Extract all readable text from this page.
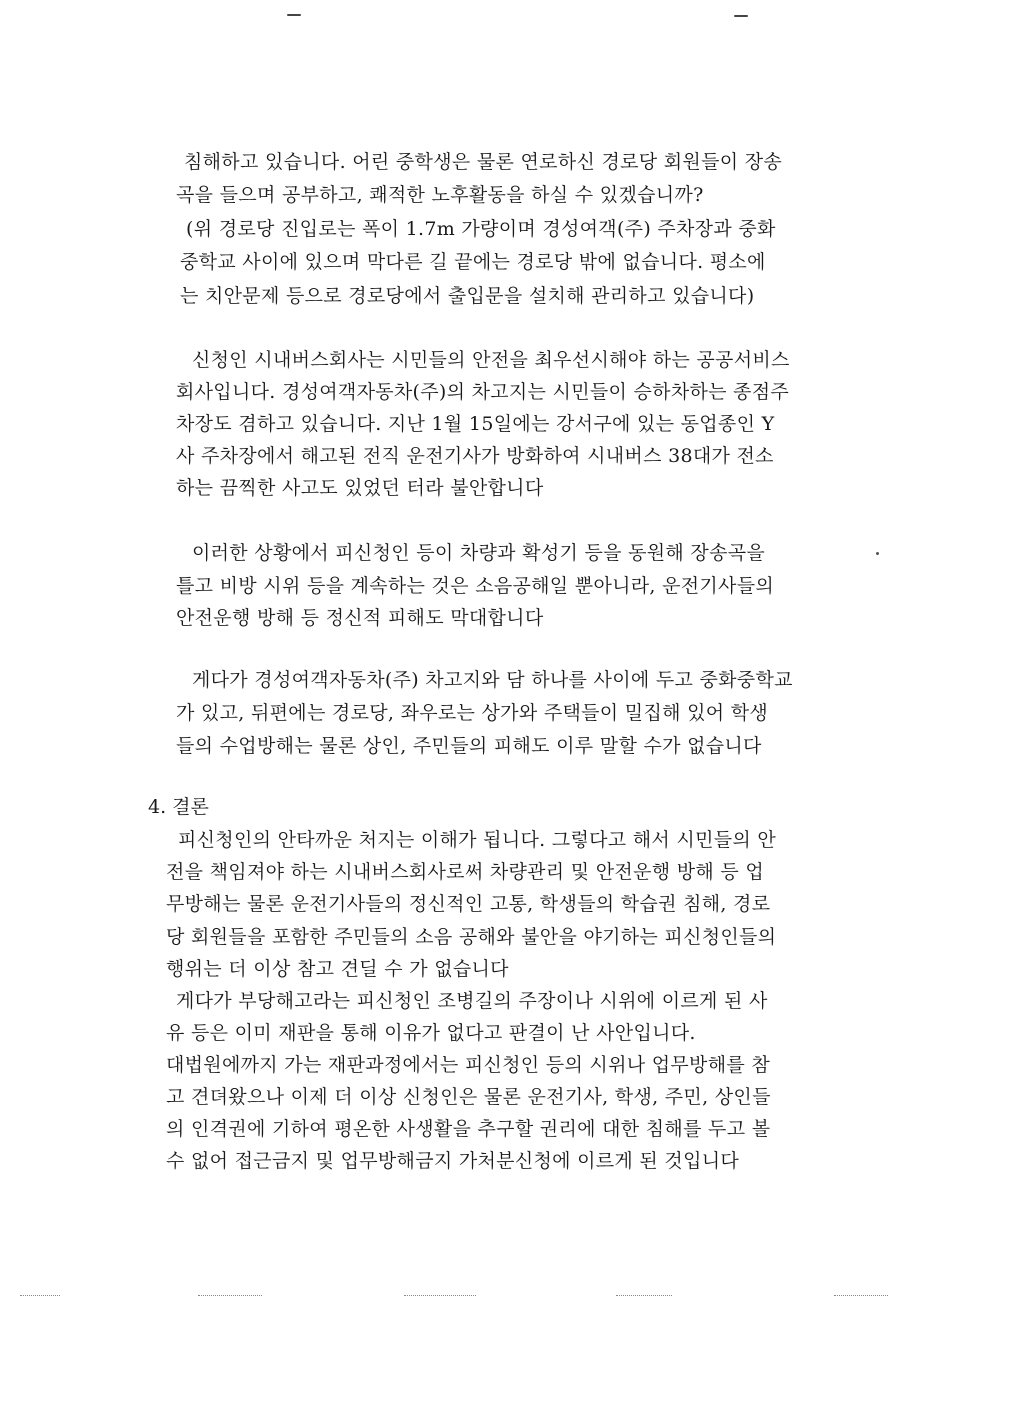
침해하고 있습니다. 어린 중학생은 물론 연로하신 경로당 회원들이 장송
곡을 들으며 공부하고, 쾌적한 노후활동을 하실 수 있겠습니까?
(위 경로당 진입로는 폭이 1.7m 가량이며 경성여객(주) 주차장과 중화
중학교 사이에 있으며 막다른 길 끝에는 경로당 밖에 없습니다. 평소에
는 치안문제 등으로 경로당에서 출입문을 설치해 관리하고 있습니다)
신청인 시내버스회사는 시민들의 안전을 최우선시해야 하는 공공서비스
회사입니다. 경성여객자동차(주)의 차고지는 시민들이 승하차하는 종점주
차장도 겸하고 있습니다. 지난 1월 15일에는 강서구에 있는 동업종인 Y
사 주차장에서 해고된 전직 운전기사가 방화하여 시내버스 38대가 전소
하는 끔찍한 사고도 있었던 터라 불안합니다
이러한 상황에서 피신청인 등이 차량과 확성기 등을 동원해 장송곡을
틀고 비방 시위 등을 계속하는 것은 소음공해일 뿐아니라, 운전기사들의
안전운행 방해 등 정신적 피해도 막대합니다
게다가 경성여객자동차(주) 차고지와 담 하나를 사이에 두고 중화중학교
가 있고, 뒤편에는 경로당, 좌우로는 상가와 주택들이 밀집해 있어 학생
들의 수업방해는 물론 상인, 주민들의 피해도 이루 말할 수가 없습니다
4. 결론
피신청인의 안타까운 처지는 이해가 됩니다. 그렇다고 해서 시민들의 안
전을 책임져야 하는 시내버스회사로써 차량관리 및 안전운행 방해 등 업
무방해는 물론 운전기사들의 정신적인 고통, 학생들의 학습권 침해, 경로
당 회원들을 포함한 주민들의 소음 공해와 불안을 야기하는 피신청인들의
행위는 더 이상 참고 견딜 수 가 없습니다
게다가 부당해고라는 피신청인 조병길의 주장이나 시위에 이르게 된 사
유 등은 이미 재판을 통해 이유가 없다고 판결이 난 사안입니다.
대법원에까지 가는 재판과정에서는 피신청인 등의 시위나 업무방해를 참
고 견뎌왔으나 이제 더 이상 신청인은 물론 운전기사, 학생, 주민, 상인들
의 인격권에 기하여 평온한 사생활을 추구할 권리에 대한 침해를 두고 볼
수 없어 접근금지 및 업무방해금지 가처분신청에 이르게 된 것입니다
